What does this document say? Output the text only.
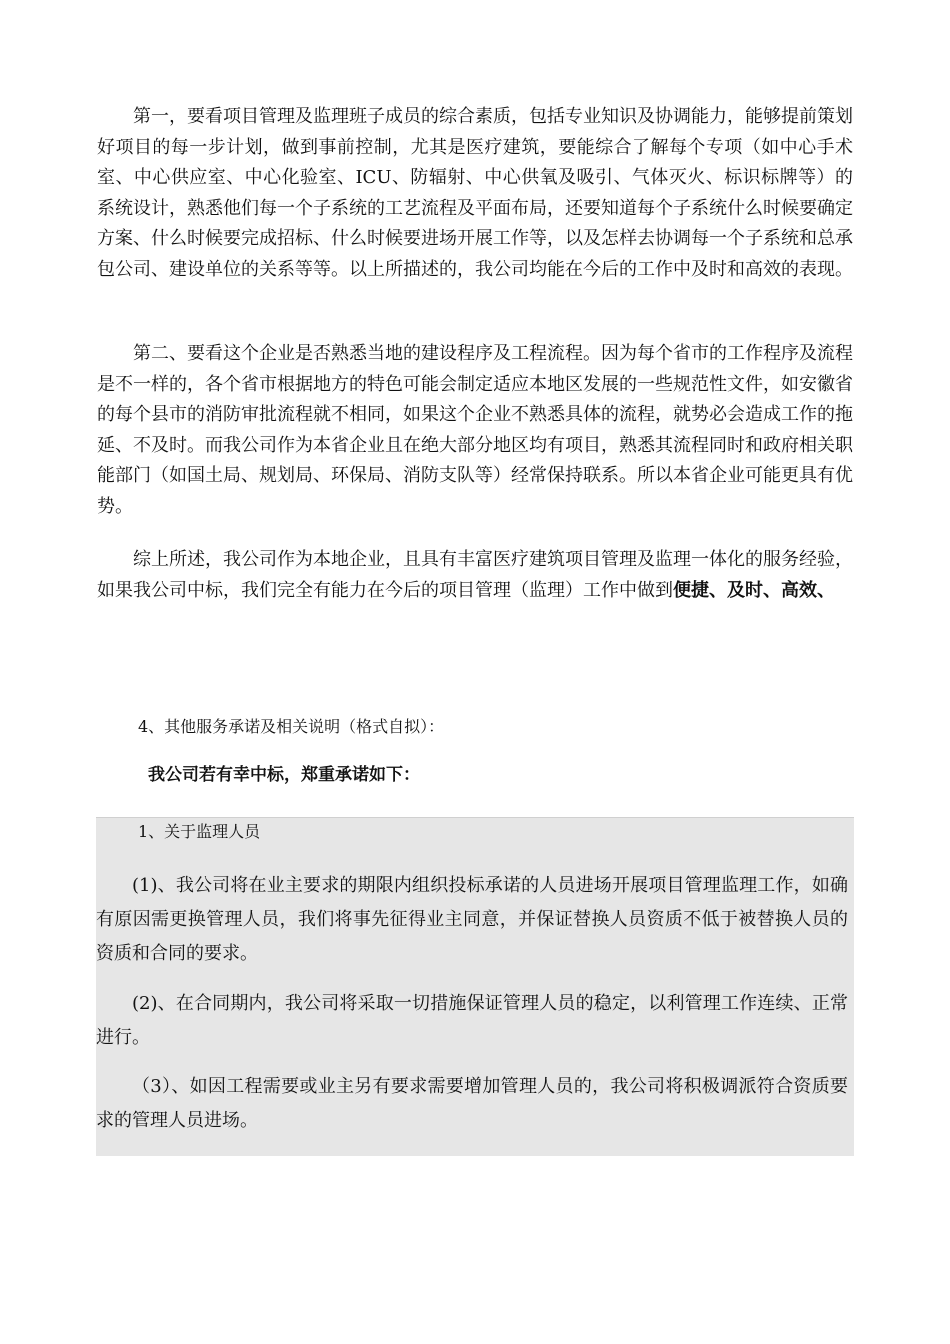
第一，要看项目管理及监理班子成员的综合素质，包括专业知识及协调能力，能够提前策划好项目的每一步计划，做到事前控制，尤其是医疗建筑，要能综合了解每个专项（如中心手术室、中心供应室、中心化验室、ICU、防辐射、中心供氧及吸引、气体灭火、标识标牌等）的系统设计，熟悉他们每一个子系统的工艺流程及平面布局，还要知道每个子系统什么时候要确定方案、什么时候要完成招标、什么时候要进场开展工作等，以及怎样去协调每一个子系统和总承包公司、建设单位的关系等等。以上所描述的，我公司均能在今后的工作中及时和高效的表现。

第二、要看这个企业是否熟悉当地的建设程序及工程流程。因为每个省市的工作程序及流程是不一样的，各个省市根据地方的特色可能会制定适应本地区发展的一些规范性文件，如安徽省的每个县市的消防审批流程就不相同，如果这个企业不熟悉具体的流程，就势必会造成工作的拖延、不及时。而我公司作为本省企业且在绝大部分地区均有项目，熟悉其流程同时和政府相关职能部门（如国土局、规划局、环保局、消防支队等）经常保持联系。所以本省企业可能更具有优势。

综上所述，我公司作为本地企业，且具有丰富医疗建筑项目管理及监理一体化的服务经验，如果我公司中标，我们完全有能力在今后的项目管理（监理）工作中做到便捷、及时、高效、

4、其他服务承诺及相关说明（格式自拟）：

我公司若有幸中标，郑重承诺如下：

1、关于监理人员

(1)、我公司将在业主要求的期限内组织投标承诺的人员进场开展项目管理监理工作，如确有原因需更换管理人员，我们将事先征得业主同意，并保证替换人员资质不低于被替换人员的资质和合同的要求。

(2)、在合同期内，我公司将采取一切措施保证管理人员的稳定，以利管理工作连续、正常进行。

（3）、如因工程需要或业主另有要求需要增加管理人员的，我公司将积极调派符合资质要求的管理人员进场。
